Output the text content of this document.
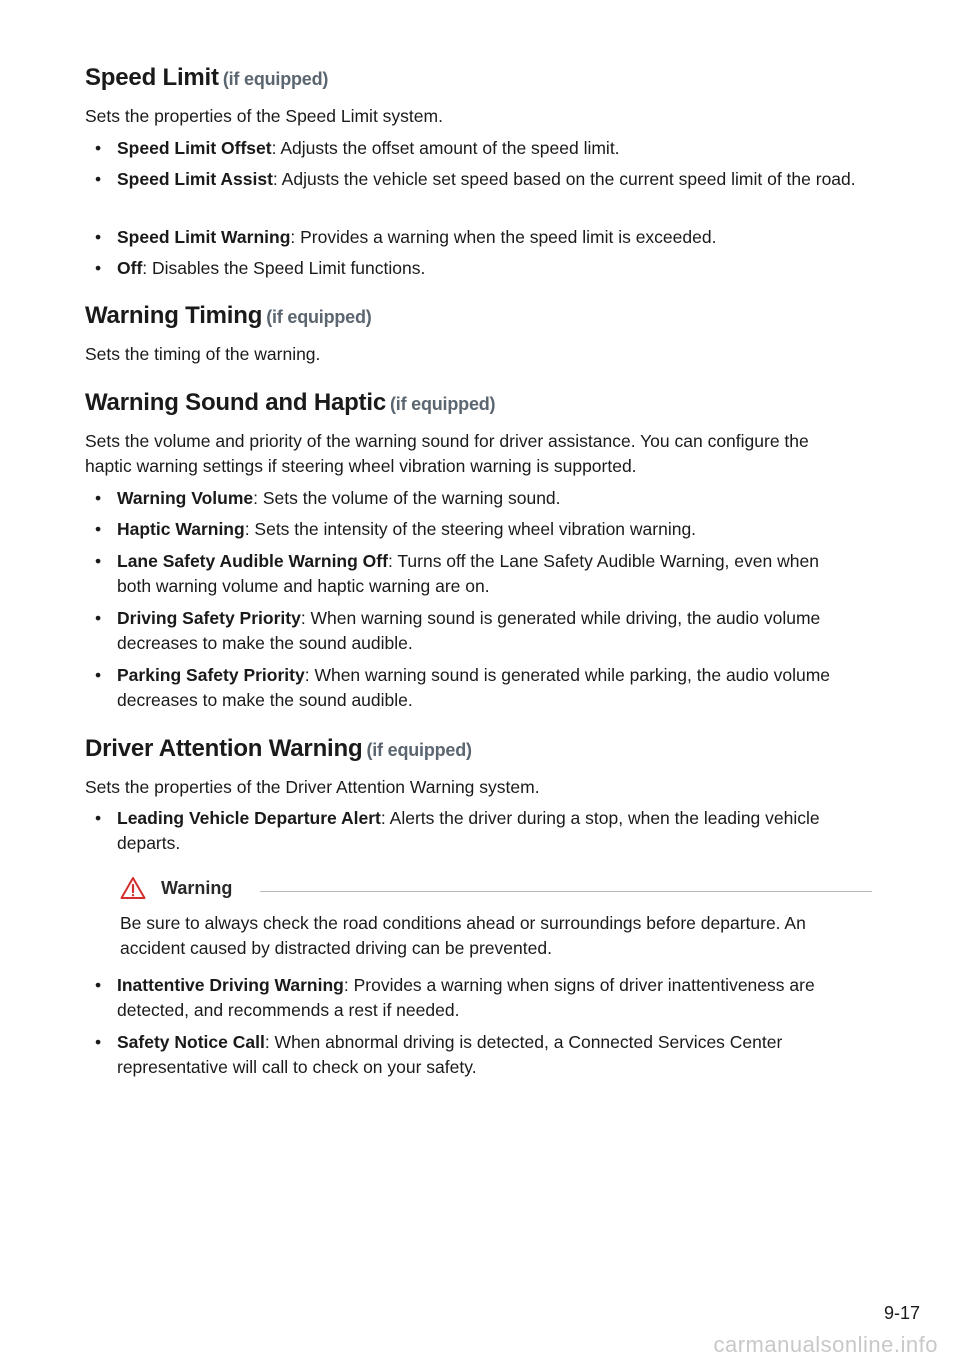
Speed Limit (if equipped)
Sets the properties of the Speed Limit system.
• Speed Limit Offset: Adjusts the offset amount of the speed limit.
• Speed Limit Assist: Adjusts the vehicle set speed based on the current speed limit of the road.
• Speed Limit Warning: Provides a warning when the speed limit is exceeded.
• Off: Disables the Speed Limit functions.
Warning Timing (if equipped)
Sets the timing of the warning.
Warning Sound and Haptic (if equipped)
Sets the volume and priority of the warning sound for driver assistance. You can configure the haptic warning settings if steering wheel vibration warning is supported.
• Warning Volume: Sets the volume of the warning sound.
• Haptic Warning: Sets the intensity of the steering wheel vibration warning.
• Lane Safety Audible Warning Off: Turns off the Lane Safety Audible Warning, even when both warning volume and haptic warning are on.
• Driving Safety Priority: When warning sound is generated while driving, the audio volume decreases to make the sound audible.
• Parking Safety Priority: When warning sound is generated while parking, the audio volume decreases to make the sound audible.
Driver Attention Warning (if equipped)
Sets the properties of the Driver Attention Warning system.
• Leading Vehicle Departure Alert: Alerts the driver during a stop, when the leading vehicle departs.
Warning
Be sure to always check the road conditions ahead or surroundings before departure. An accident caused by distracted driving can be prevented.
• Inattentive Driving Warning: Provides a warning when signs of driver inattentiveness are detected, and recommends a rest if needed.
• Safety Notice Call: When abnormal driving is detected, a Connected Services Center representative will call to check on your safety.
9-17
carmanualsonline.info
